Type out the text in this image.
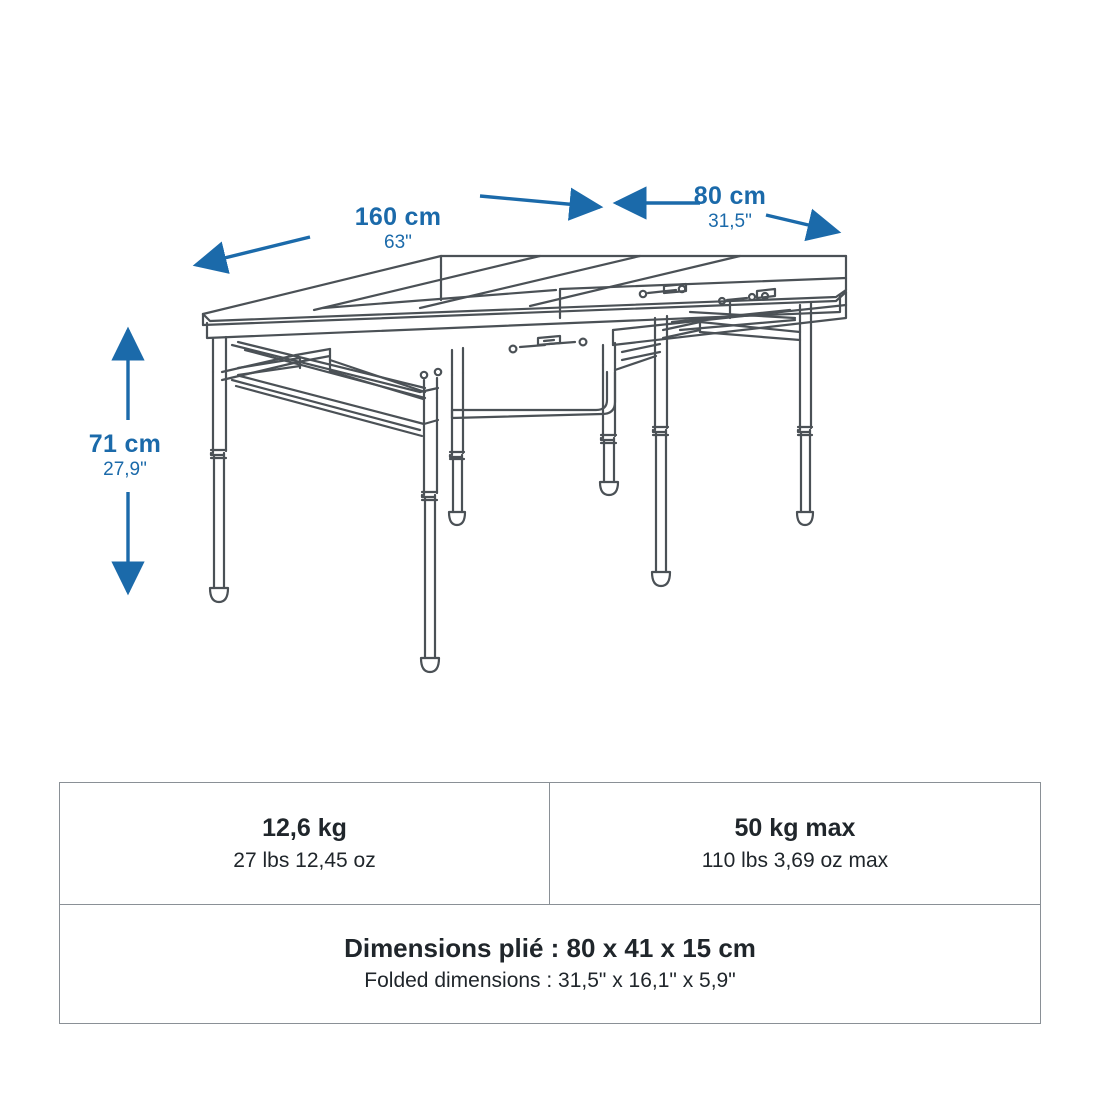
160 cm
63"
80 cm
31,5"
71 cm
27,9"
12,6 kg
27 lbs 12,45 oz
50 kg max
110 lbs 3,69 oz max
Dimensions plié : 80 x 41 x 15 cm
Folded dimensions : 31,5" x 16,1" x 5,9"
